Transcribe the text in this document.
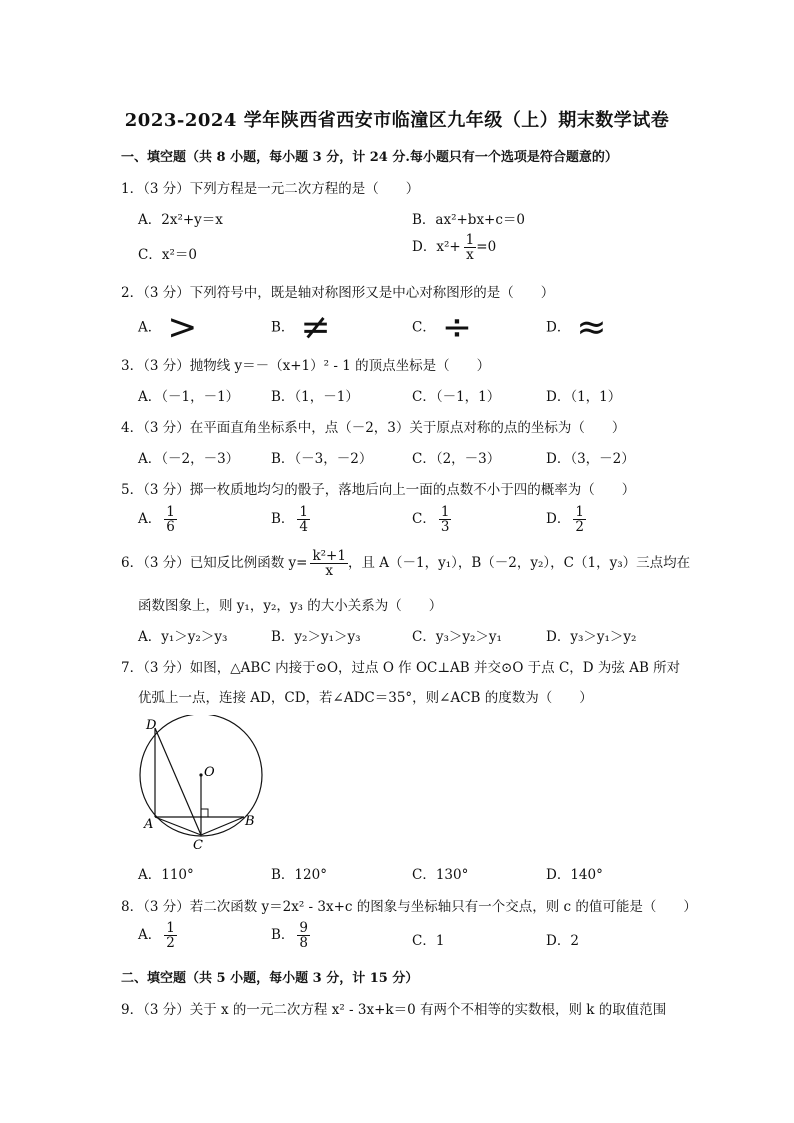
2023-2024 学年陕西省西安市临潼区九年级（上）期末数学试卷
一、填空题（共 8 小题，每小题 3 分，计 24 分.每小题只有一个选项是符合题意的）
1．（3 分）下列方程是一元二次方程的是（　　）
A．2x²+y＝x	B．ax²+bx+c＝0
C．x²＝0	D．$x^2+ \frac{1}{x} =0$
2．（3 分）下列符号中，既是轴对称图形又是中心对称图形的是（　　）
A． >	B． ≠	C． ÷	D． ≈
3．（3 分）抛物线 y＝－（x+1）² - 1 的顶点坐标是（　　）
A．（－1，－1） B．（1，－1）	C．（－1，1）	D．（1，1）
4．（3 分）在平面直角坐标系中，点（－2，3）关于原点对称的点的坐标为（　　）
A．（－2，－3） B．（－3，－2）	C．（2，－3）	D．（3，－2）
5．（3 分）掷一枚质地均匀的骰子，落地后向上一面的点数不小于四的概率为（　　）
A． $\frac{1}{6}$	B． $\frac{1}{4}$	C． $\frac{1}{3}$	D． $\frac{1}{2}$
6．（3 分）已知反比例函数 $y= \frac{\text{k²+1}}{x}$ ，且 A（－1，y₁），B（－2，y₂），C（1，y₃）三点均在
函数图象上，则 y₁，y₂，y₃ 的大小关系为（　　）
A．y₁＞y₂＞y₃	B．y₂＞y₁＞y₃	C．y₃＞y₂＞y₁	D．y₃＞y₁＞y₂
7．（3 分）如图，△ABC 内接于⊙O，过点 O 作 OC⊥AB 并交⊙O 于点 C，D 为弦 AB 所对
优弧上一点，连接 AD，CD，若∠ADC＝35°，则∠ACB 的度数为（　　）
D
O
A	B
C
A．110°	B．120°	C．130°	D．140°
8．（3 分）若二次函数 y＝2x² - 3x+c 的图象与坐标轴只有一个交点，则 c 的值可能是（　　）
A． $\frac{1}{2}$	B． $\frac{9}{8}$	C．1	D．2
二、填空题（共 5 小题，每小题 3 分，计 15 分）
9．（3 分）关于 x 的一元二次方程 x² - 3x+k＝0 有两个不相等的实数根，则 k 的取值范围
